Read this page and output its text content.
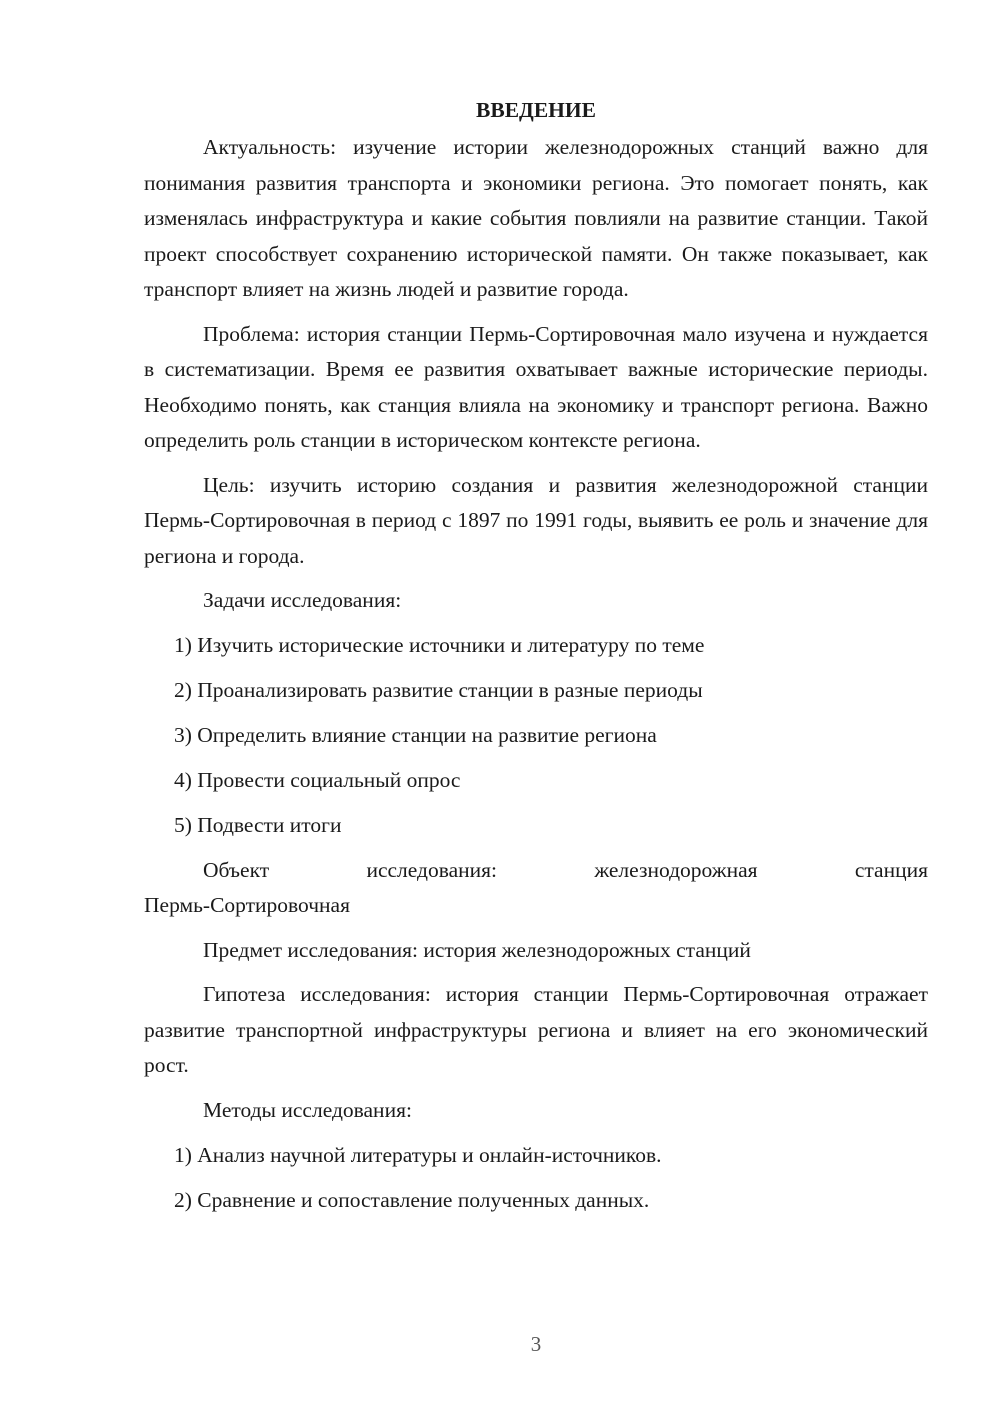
ВВЕДЕНИЕ

Актуальность: изучение истории железнодорожных станций важно для понимания развития транспорта и экономики региона. Это помогает понять, как изменялась инфраструктура и какие события повлияли на развитие станции. Такой проект способствует сохранению исторической памяти. Он также показывает, как транспорт влияет на жизнь людей и развитие города.

Проблема: история станции Пермь-Сортировочная мало изучена и нуждается в систематизации. Время ее развития охватывает важные исторические периоды. Необходимо понять, как станция влияла на экономику и транспорт региона. Важно определить роль станции в историческом контексте региона.

Цель: изучить историю создания и развития железнодорожной станции Пермь-Сортировочная в период с 1897 по 1991 годы, выявить ее роль и значение для региона и города.

Задачи исследования:

1) Изучить исторические источники и литературу по теме
2) Проанализировать развитие станции в разные периоды
3) Определить влияние станции на развитие региона
4) Провести социальный опрос
5) Подвести итоги
Объект	исследования:	железнодорожная	станция

Пермь-Сортировочная

Предмет исследования: история железнодорожных станций

Гипотеза исследования: история станции Пермь-Сортировочная отражает развитие транспортной инфраструктуры региона и влияет на его экономический рост.

Методы исследования:

1) Анализ научной литературы и онлайн-источников.
2) Сравнение и сопоставление полученных данных.
3
